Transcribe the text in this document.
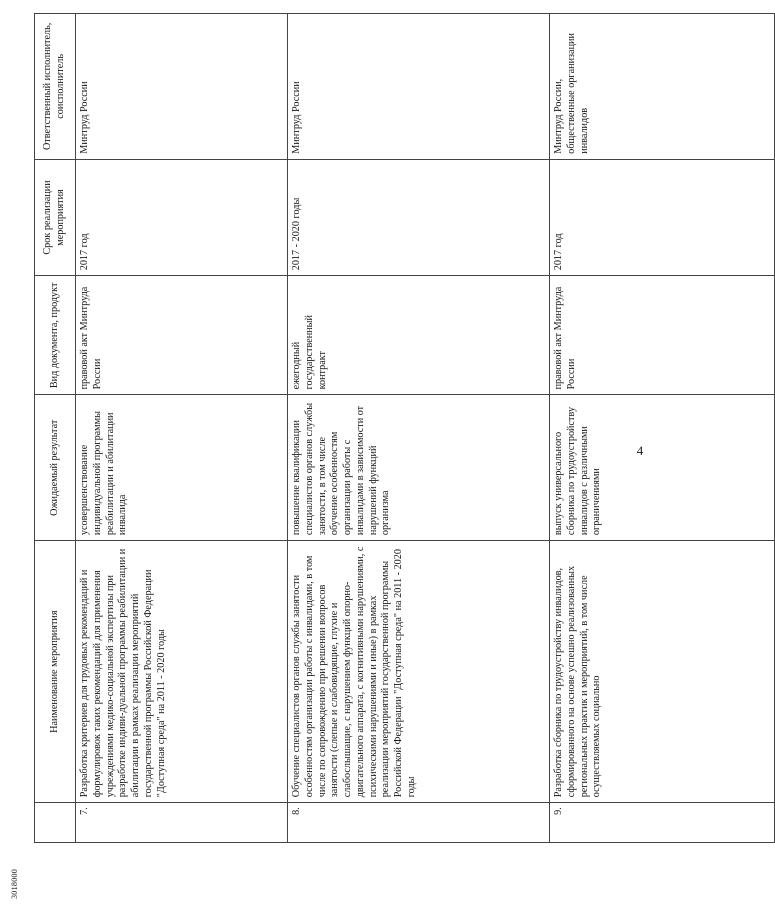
3018000
4
	Наименование мероприятия	Ожидаемый результат	Вид документа, продукт	Срок реализации мероприятия	Ответственный исполнитель, соисполнитель
7.	Разработка критериев для трудовых рекомендаций и формулировок таких рекомендаций для применения учреждениями медико-социальной экспертизы при разработке индиви-дуальной программы реабилитации и абилитации в рамках реализации мероприятий государственной программы Российской Федерации "Доступная среда" на 2011 - 2020 годы	усовершенствование индивидуальной программы реабилитации и абилитации инвалида	правовой акт Минтруда России	2017 год	Минтруд России
8.	Обучение специалистов органов службы занятости особенностям организации работы с инвалидами, в том числе по сопровождению при решении вопросов занятости (слепые и слабовидящие, глухие и слабослышащие, с нарушением функций опорно-двигательного аппарата, с когнитивными нарушениями, с психическими нарушениями и иные) в рамках реализации мероприятий государственной программы Российской Федерации "Доступная среда" на 2011 - 2020 годы	повышение квалификации специалистов органов службы занятости, в том числе обучение особенностям организации работы с инвалидами в зависимости от нарушений функций организма	ежегодный государственный контракт	2017 - 2020 годы	Минтруд России
9.	Разработка сборника по трудоустройству инвалидов, сформированного на основе успешно реализованных региональных практик и мероприятий, в том числе осуществляемых социально	выпуск универсального сборника по трудоустройству инвалидов с различными ограничениями	правовой акт Минтруда России	2017 год	Минтруд России, общественные организации инвалидов
